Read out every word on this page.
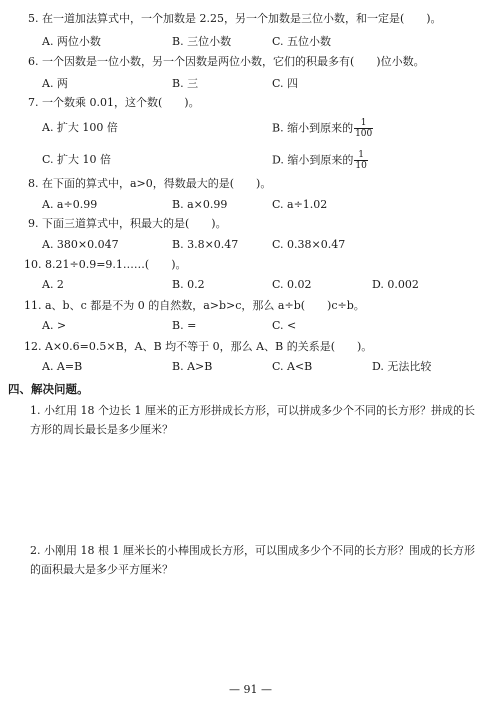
5. 在一道加法算式中，一个加数是 2.25，另一个加数是三位小数，和一定是(　　)。
A. 两位小数	B. 三位小数	C. 五位小数
6. 一个因数是一位小数，另一个因数是两位小数，它们的积最多有(　　)位小数。
A. 两	B. 三	C. 四
7. 一个数乘 0.01，这个数(　　)。
A. 扩大 100 倍	B. 缩小到原来的 $\frac{1}{100}$
C. 扩大 10 倍	D. 缩小到原来的 $\frac{1}{10}$
8. 在下面的算式中，a>0，得数最大的是(　　)。
A. a÷0.99	B. a×0.99	C. a÷1.02
9. 下面三道算式中，积最大的是(　　)。
A. 380×0.047	B. 3.8×0.47	C. 0.38×0.47
10. 8.21÷0.9=9.1……(　　)。
A. 2	B. 0.2	C. 0.02	D. 0.002
11. a、b、c 都是不为 0 的自然数，a>b>c，那么 a÷b(　　)c÷b。
A. >	B. =	C. <
12. A×0.6=0.5×B，A、B 均不等于 0，那么 A、B 的关系是(　　)。
A. A=B	B. A>B	C. A<B	D. 无法比较
四、解决问题。
1. 小红用 18 个边长 1 厘米的正方形拼成长方形，可以拼成多少个不同的长方形？拼成的长方形的周长最长是多少厘米？
2. 小刚用 18 根 1 厘米长的小棒围成长方形，可以围成多少个不同的长方形？围成的长方形的面积最大是多少平方厘米？
— 91 —
